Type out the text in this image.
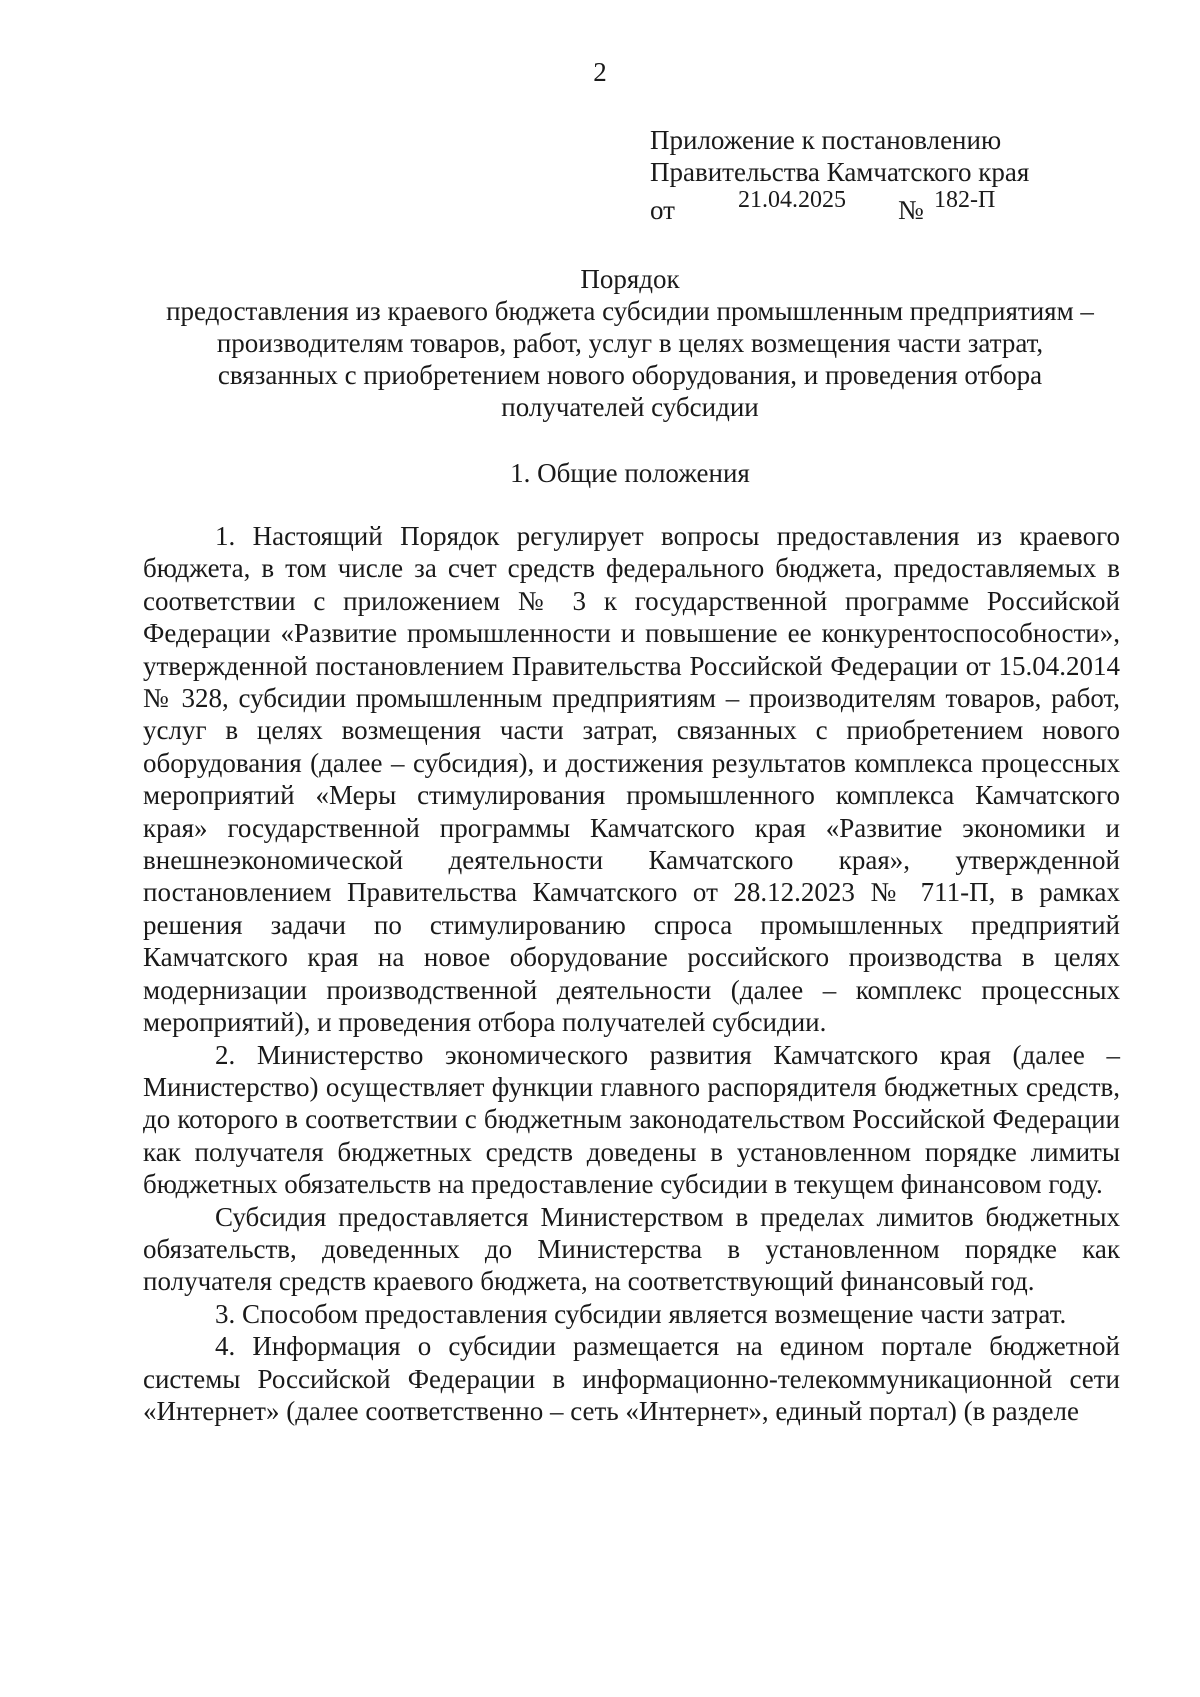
2
Приложение к постановлению
Правительства Камчатского края
от	21.04.2025 № 182-П
Порядок
предоставления из краевого бюджета субсидии промышленным предприятиям –
производителям товаров, работ, услуг в целях возмещения части затрат,
связанных с приобретением нового оборудования, и проведения отбора
получателей субсидии
1. Общие положения

1. Настоящий Порядок регулирует вопросы предоставления из краевого бюджета, в том числе за счет средств федерального бюджета, предоставляемых в соответствии с приложением № 3 к государственной программе Российской Федерации «Развитие промышленности и повышение ее конкурентоспособности», утвержденной постановлением Правительства Российской Федерации от 15.04.2014 № 328, субсидии промышленным предприятиям – производителям товаров, работ, услуг в целях возмещения части затрат, связанных с приобретением нового оборудования (далее – субсидия), и достижения результатов комплекса процессных мероприятий «Меры стимулирования промышленного комплекса Камчатского края» государственной программы Камчатского края «Развитие экономики и внешнеэкономической деятельности Камчатского края», утвержденной постановлением Правительства Камчатского от 28.12.2023 № 711-П, в рамках решения задачи по стимулированию спроса промышленных предприятий Камчатского края на новое оборудование российского производства в целях модернизации производственной деятельности (далее – комплекс процессных мероприятий), и проведения отбора получателей субсидии.

2. Министерство экономического развития Камчатского края (далее – Министерство) осуществляет функции главного распорядителя бюджетных средств, до которого в соответствии с бюджетным законодательством Российской Федерации как получателя бюджетных средств доведены в установленном порядке лимиты бюджетных обязательств на предоставление субсидии в текущем финансовом году.

Субсидия предоставляется Министерством в пределах лимитов бюджетных обязательств, доведенных до Министерства в установленном порядке как получателя средств краевого бюджета, на соответствующий финансовый год.

3. Способом предоставления субсидии является возмещение части затрат.

4. Информация о субсидии размещается на едином портале бюджетной системы Российской Федерации в информационно-телекоммуникационной сети «Интернет» (далее соответственно – сеть «Интернет», единый портал) (в разделе
